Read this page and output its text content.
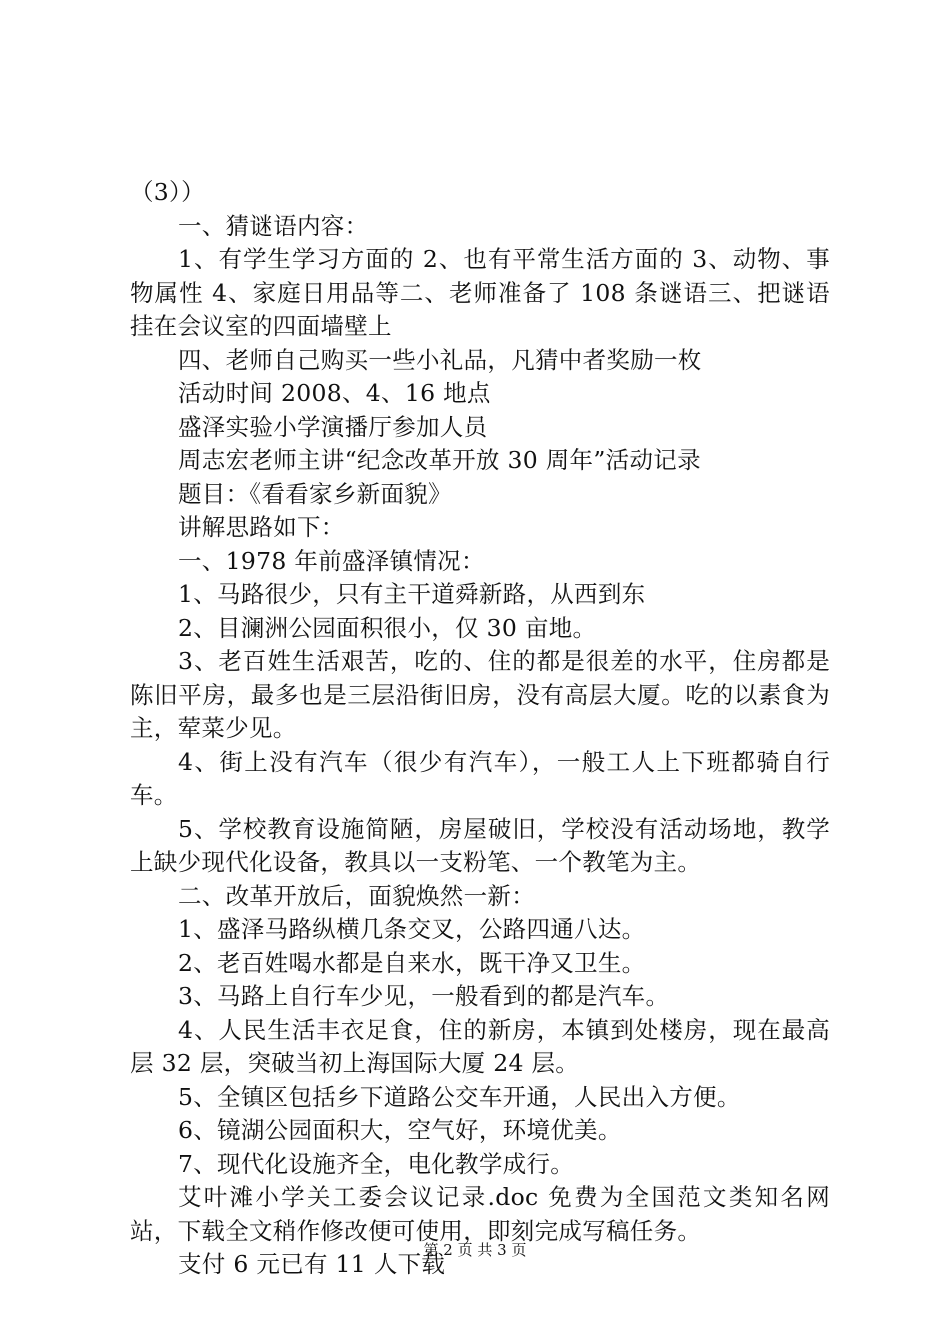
（3））

一、猜谜语内容：

1、有学生学习方面的 2、也有平常生活方面的 3、动物、事物属性 4、家庭日用品等二、老师准备了 108 条谜语三、把谜语挂在会议室的四面墙壁上

四、老师自己购买一些小礼品，凡猜中者奖励一枚

活动时间 2008、4、16 地点

盛泽实验小学演播厅参加人员

周志宏老师主讲“纪念改革开放 30 周年”活动记录

题目：《看看家乡新面貌》

讲解思路如下：

一、1978 年前盛泽镇情况：

1、马路很少，只有主干道舜新路，从西到东

2、目澜洲公园面积很小，仅 30 亩地。

3、老百姓生活艰苦，吃的、住的都是很差的水平，住房都是陈旧平房，最多也是三层沿街旧房，没有高层大厦。吃的以素食为主，荤菜少见。

4、街上没有汽车（很少有汽车），一般工人上下班都骑自行车。

5、学校教育设施简陋，房屋破旧，学校没有活动场地，教学上缺少现代化设备，教具以一支粉笔、一个教笔为主。

二、改革开放后，面貌焕然一新：

1、盛泽马路纵横几条交叉，公路四通八达。

2、老百姓喝水都是自来水，既干净又卫生。

3、马路上自行车少见，一般看到的都是汽车。

4、人民生活丰衣足食，住的新房，本镇到处楼房，现在最高层 32 层，突破当初上海国际大厦 24 层。

5、全镇区包括乡下道路公交车开通，人民出入方便。

6、镜湖公园面积大，空气好，环境优美。

7、现代化设施齐全，电化教学成行。

艾叶滩小学关工委会议记录.doc 免费为全国范文类知名网站，下载全文稍作修改便可使用，即刻完成写稿任务。

支付 6 元已有 11 人下载

第 2 页 共 3 页
